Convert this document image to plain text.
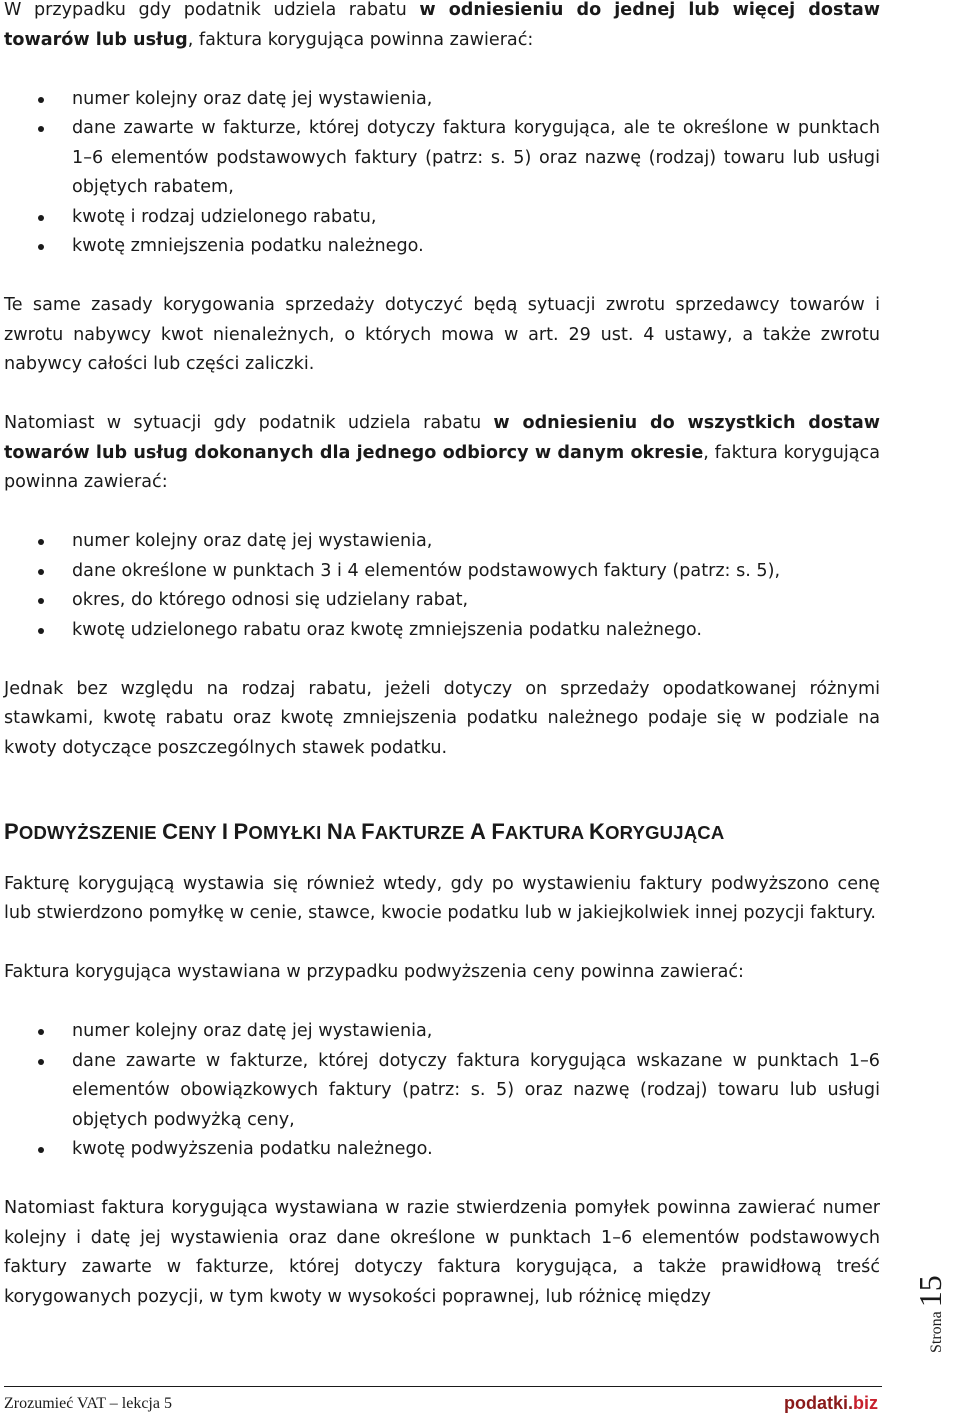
W przypadku gdy podatnik udziela rabatu w odniesieniu do jednej lub więcej dostaw towarów lub usług, faktura korygująca powinna zawierać:

numer kolejny oraz datę jej wystawienia,
dane zawarte w fakturze, której dotyczy faktura korygująca, ale te określone w punktach 1–6 elementów podstawowych faktury (patrz: s. 5) oraz nazwę (rodzaj) towaru lub usługi objętych rabatem,
kwotę i rodzaj udzielonego rabatu,
kwotę zmniejszenia podatku należnego.

Te same zasady korygowania sprzedaży dotyczyć będą sytuacji zwrotu sprzedawcy towarów i zwrotu nabywcy kwot nienależnych, o których mowa w art. 29 ust. 4 ustawy, a także zwrotu nabywcy całości lub części zaliczki.

Natomiast w sytuacji gdy podatnik udziela rabatu w odniesieniu do wszystkich dostaw towarów lub usług dokonanych dla jednego odbiorcy w danym okresie, faktura korygująca powinna zawierać:

numer kolejny oraz datę jej wystawienia,
dane określone w punktach 3 i 4 elementów podstawowych faktury (patrz: s. 5),
okres, do którego odnosi się udzielany rabat,
kwotę udzielonego rabatu oraz kwotę zmniejszenia podatku należnego.

Jednak bez względu na rodzaj rabatu, jeżeli dotyczy on sprzedaży opodatkowanej różnymi stawkami, kwotę rabatu oraz kwotę zmniejszenia podatku należnego podaje się w podziale na kwoty dotyczące poszczególnych stawek podatku.

PODWYŻSZENIE CENY I POMYŁKI NA FAKTURZE A FAKTURA KORYGUJĄCA

Fakturę korygującą wystawia się również wtedy, gdy po wystawieniu faktury podwyższono cenę lub stwierdzono pomyłkę w cenie, stawce, kwocie podatku lub w jakiejkolwiek innej pozycji faktury.

Faktura korygująca wystawiana w przypadku podwyższenia ceny powinna zawierać:

numer kolejny oraz datę jej wystawienia,
dane zawarte w fakturze, której dotyczy faktura korygująca wskazane w punktach 1–6 elementów obowiązkowych faktury (patrz: s. 5) oraz nazwę (rodzaj) towaru lub usługi objętych podwyżką ceny,
kwotę podwyższenia podatku należnego.

Natomiast faktura korygująca wystawiana w razie stwierdzenia pomyłek powinna zawierać numer kolejny i datę jej wystawienia oraz dane określone w punktach 1–6 elementów podstawowych faktury zawarte w fakturze, której dotyczy faktura korygująca, a także prawidłową treść korygowanych pozycji, w tym kwoty w wysokości poprawnej, lub różnicę między

Strona 15
Zrozumieć VAT – lekcja 5	podatki.biz
